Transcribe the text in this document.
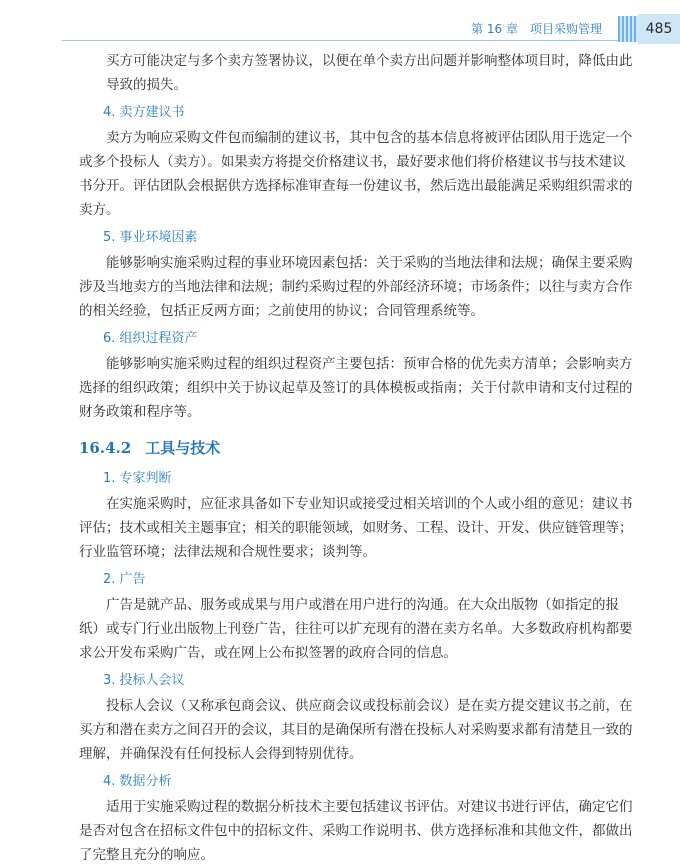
第 16 章　项目采购管理	485

买方可能决定与多个卖方签署协议，以便在单个卖方出问题并影响整体项目时，降低由此导致的损失。

4. 卖方建议书

卖方为响应采购文件包而编制的建议书，其中包含的基本信息将被评估团队用于选定一个或多个投标人（卖方）。如果卖方将提交价格建议书，最好要求他们将价格建议书与技术建议书分开。评估团队会根据供方选择标准审查每一份建议书，然后选出最能满足采购组织需求的卖方。

5. 事业环境因素

能够影响实施采购过程的事业环境因素包括：关于采购的当地法律和法规；确保主要采购涉及当地卖方的当地法律和法规；制约采购过程的外部经济环境；市场条件；以往与卖方合作的相关经验，包括正反两方面；之前使用的协议；合同管理系统等。

6. 组织过程资产

能够影响实施采购过程的组织过程资产主要包括：预审合格的优先卖方清单；会影响卖方选择的组织政策；组织中关于协议起草及签订的具体模板或指南；关于付款申请和支付过程的财务政策和程序等。

16.4.2 工具与技术
1. 专家判断

在实施采购时，应征求具备如下专业知识或接受过相关培训的个人或小组的意见：建议书评估；技术或相关主题事宜；相关的职能领域，如财务、工程、设计、开发、供应链管理等；行业监管环境；法律法规和合规性要求；谈判等。

2. 广告

广告是就产品、服务或成果与用户或潜在用户进行的沟通。在大众出版物（如指定的报纸）或专门行业出版物上刊登广告，往往可以扩充现有的潜在卖方名单。大多数政府机构都要求公开发布采购广告，或在网上公布拟签署的政府合同的信息。

3. 投标人会议

投标人会议（又称承包商会议、供应商会议或投标前会议）是在卖方提交建议书之前，在买方和潜在卖方之间召开的会议，其目的是确保所有潜在投标人对采购要求都有清楚且一致的理解，并确保没有任何投标人会得到特别优待。

4. 数据分析

适用于实施采购过程的数据分析技术主要包括建议书评估。对建议书进行评估，确定它们是否对包含在招标文件包中的招标文件、采购工作说明书、供方选择标准和其他文件，都做出了完整且充分的响应。
